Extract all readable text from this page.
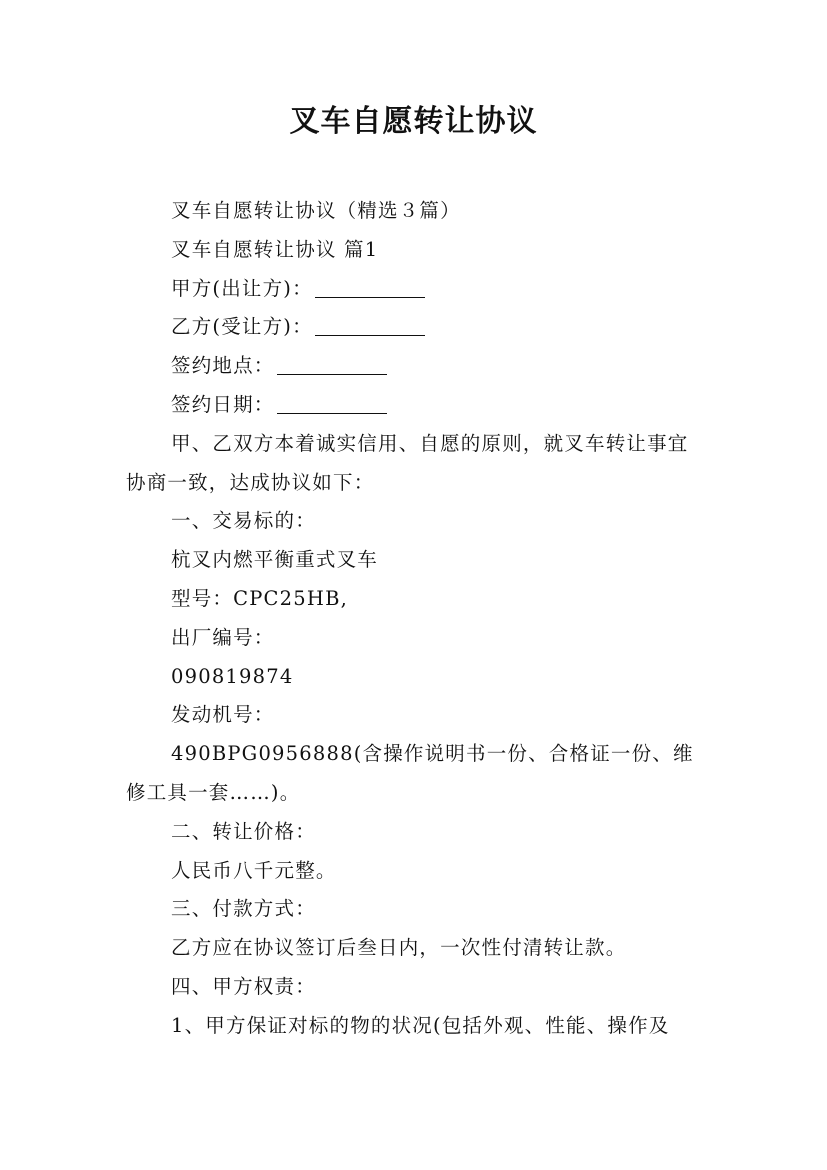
叉车自愿转让协议

叉车自愿转让协议（精选３篇）

叉车自愿转让协议 篇1

甲方(出让方)：

乙方(受让方)：

签约地点：

签约日期：

甲、乙双方本着诚实信用、自愿的原则，就叉车转让事宜协商一致，达成协议如下：

一、交易标的：

杭叉内燃平衡重式叉车

型号：CPC25HB,

出厂编号：

090819874

发动机号：

490BPG0956888(含操作说明书一份、合格证一份、维修工具一套……)。

二、转让价格：

人民币八千元整。

三、付款方式：

乙方应在协议签订后叁日内，一次性付清转让款。

四、甲方权责：

1、甲方保证对标的物的状况(包括外观、性能、操作及
